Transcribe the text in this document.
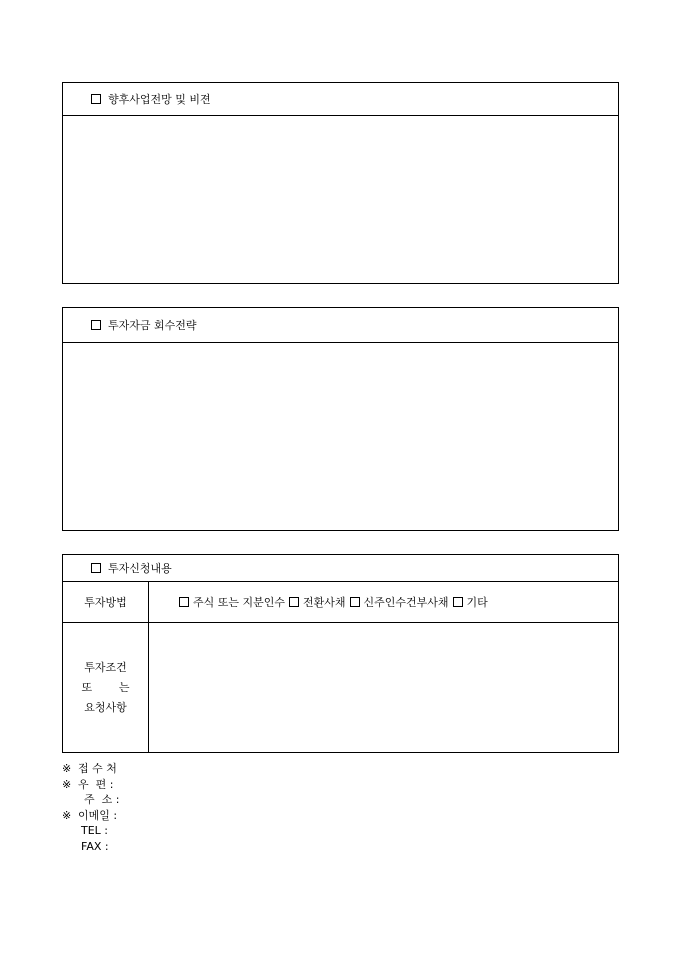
향후사업전망 및 비젼
투자자금 회수전략
투자신청내용
투자방법	주식 또는 지분인수 전환사채 신주인수건부사채 기타
투자조건
또 는
요청사항
※ 접 수 처
※ 우  편 :
주  소 :
※ 이메일 :
TEL :
FAX :
